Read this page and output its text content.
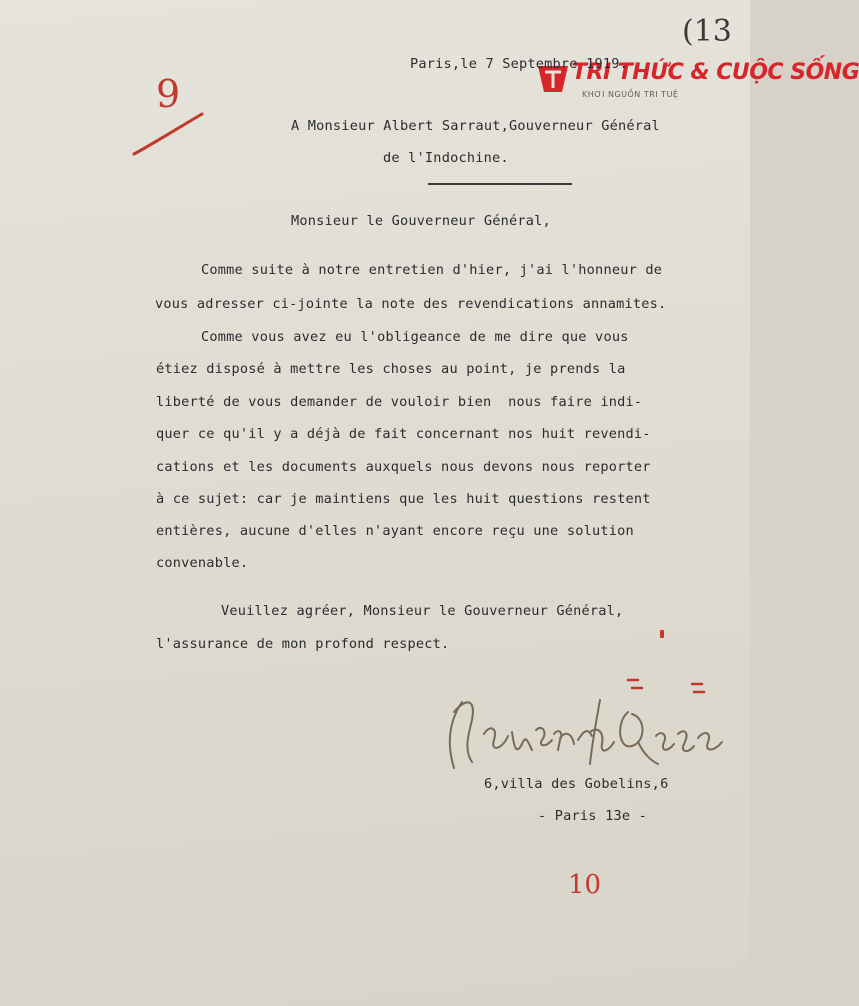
(13
9	TRI THỨC & CUỘC SỐNG
KHƠI NGUỒN TRI TUỆ
Paris,le 7 Septembre 1919.
A Monsieur Albert Sarraut,Gouverneur Général
de l'Indochine.
Monsieur le Gouverneur Général,
Comme suite à notre entretien d'hier, j'ai l'honneur de
vous adresser ci-jointe la note des revendications annamites.
Comme vous avez eu l'obligeance de me dire que vous
étiez disposé à mettre les choses au point, je prends la
liberté de vous demander de vouloir bien  nous faire indi-
quer ce qu'il y a déjà de fait concernant nos huit revendi-
cations et les documents auxquels nous devons nous reporter
à ce sujet: car je maintiens que les huit questions restent
entières, aucune d'elles n'ayant encore reçu une solution
convenable.
Veuillez agréer, Monsieur le Gouverneur Général,
l'assurance de mon profond respect.
6,villa des Gobelins,6
- Paris 13e -
10
